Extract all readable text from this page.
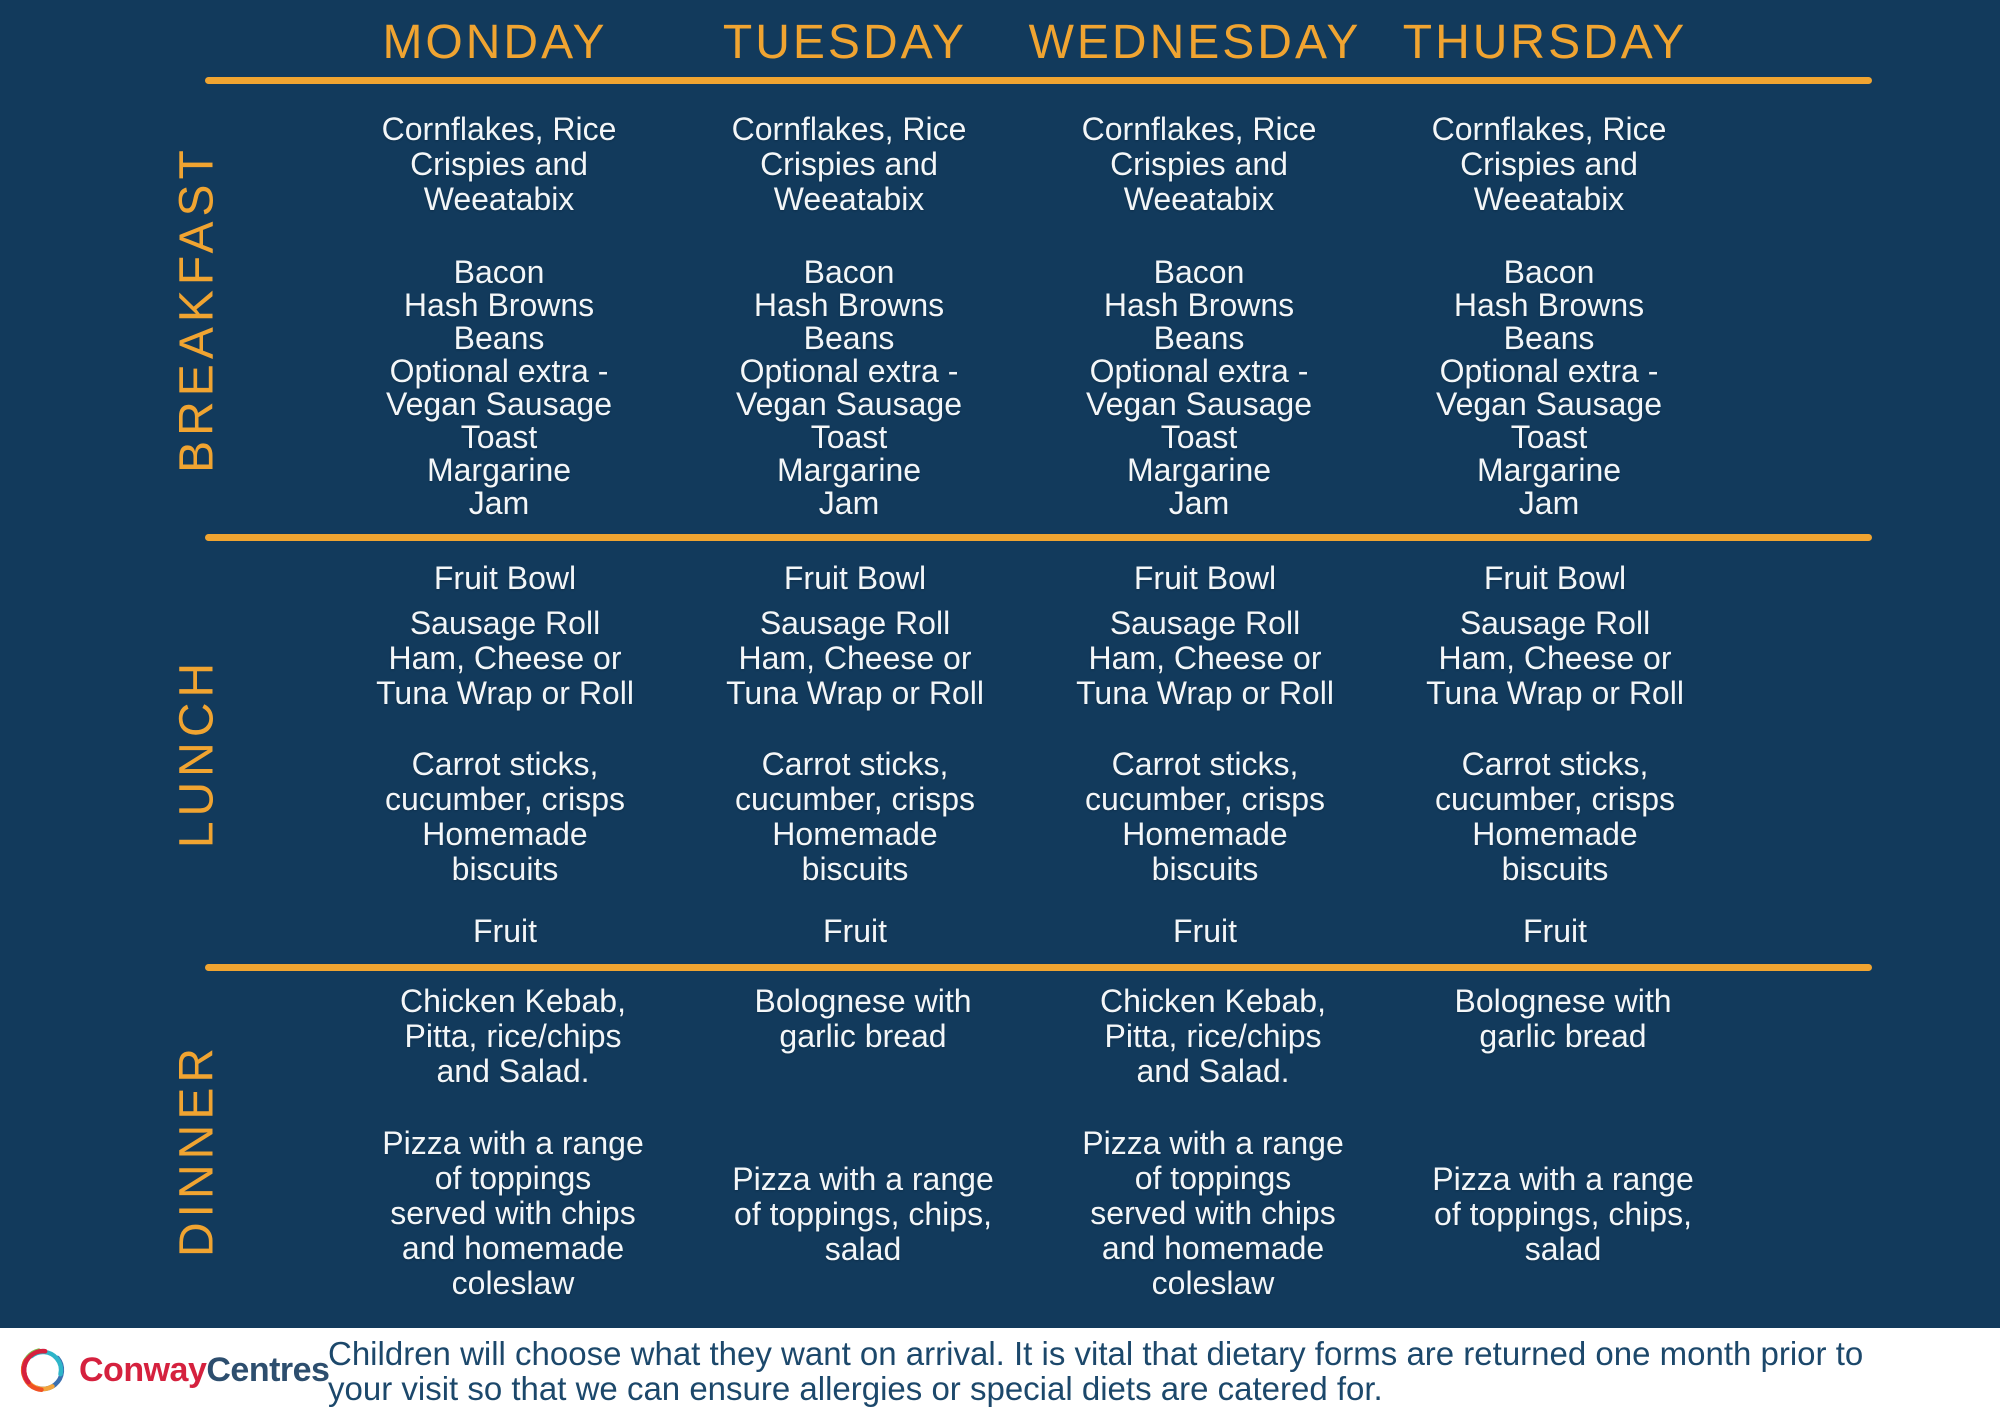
MONDAY	TUESDAY	WEDNESDAY THURSDAY
BREAKFAST
Cornflakes, Rice
Crispies and
Weeatabix
Bacon
Hash Browns
Beans
Optional extra -
Vegan Sausage
Toast
Margarine
Jam
Cornflakes, Rice
Crispies and
Weeatabix
Bacon
Hash Browns
Beans
Optional extra -
Vegan Sausage
Toast
Margarine
Jam
Cornflakes, Rice
Crispies and
Weeatabix
Bacon
Hash Browns
Beans
Optional extra -
Vegan Sausage
Toast
Margarine
Jam
Cornflakes, Rice
Crispies and
Weeatabix
Bacon
Hash Browns
Beans
Optional extra -
Vegan Sausage
Toast
Margarine
Jam
LUNCH
Fruit Bowl
Sausage Roll
Ham, Cheese or
Tuna Wrap or Roll
Carrot sticks,
cucumber, crisps
Homemade
biscuits
Fruit
Fruit Bowl
Sausage Roll
Ham, Cheese or
Tuna Wrap or Roll
Carrot sticks,
cucumber, crisps
Homemade
biscuits
Fruit
Fruit Bowl
Sausage Roll
Ham, Cheese or
Tuna Wrap or Roll
Carrot sticks,
cucumber, crisps
Homemade
biscuits
Fruit
Fruit Bowl
Sausage Roll
Ham, Cheese or
Tuna Wrap or Roll
Carrot sticks,
cucumber, crisps
Homemade
biscuits
Fruit
DINNER
Chicken Kebab,
Pitta, rice/chips
and Salad.
Pizza with a range
of toppings
served with chips
and homemade
coleslaw
Bolognese with
garlic bread
Pizza with a range
of toppings, chips,
salad
Chicken Kebab,
Pitta, rice/chips
and Salad.
Pizza with a range
of toppings
served with chips
and homemade
coleslaw
Bolognese with
garlic bread
Pizza with a range
of toppings, chips,
salad
ConwayCentres
Children will choose what they want on arrival. It is vital that dietary forms are returned one month prior to
your visit so that we can ensure allergies or special diets are catered for.
